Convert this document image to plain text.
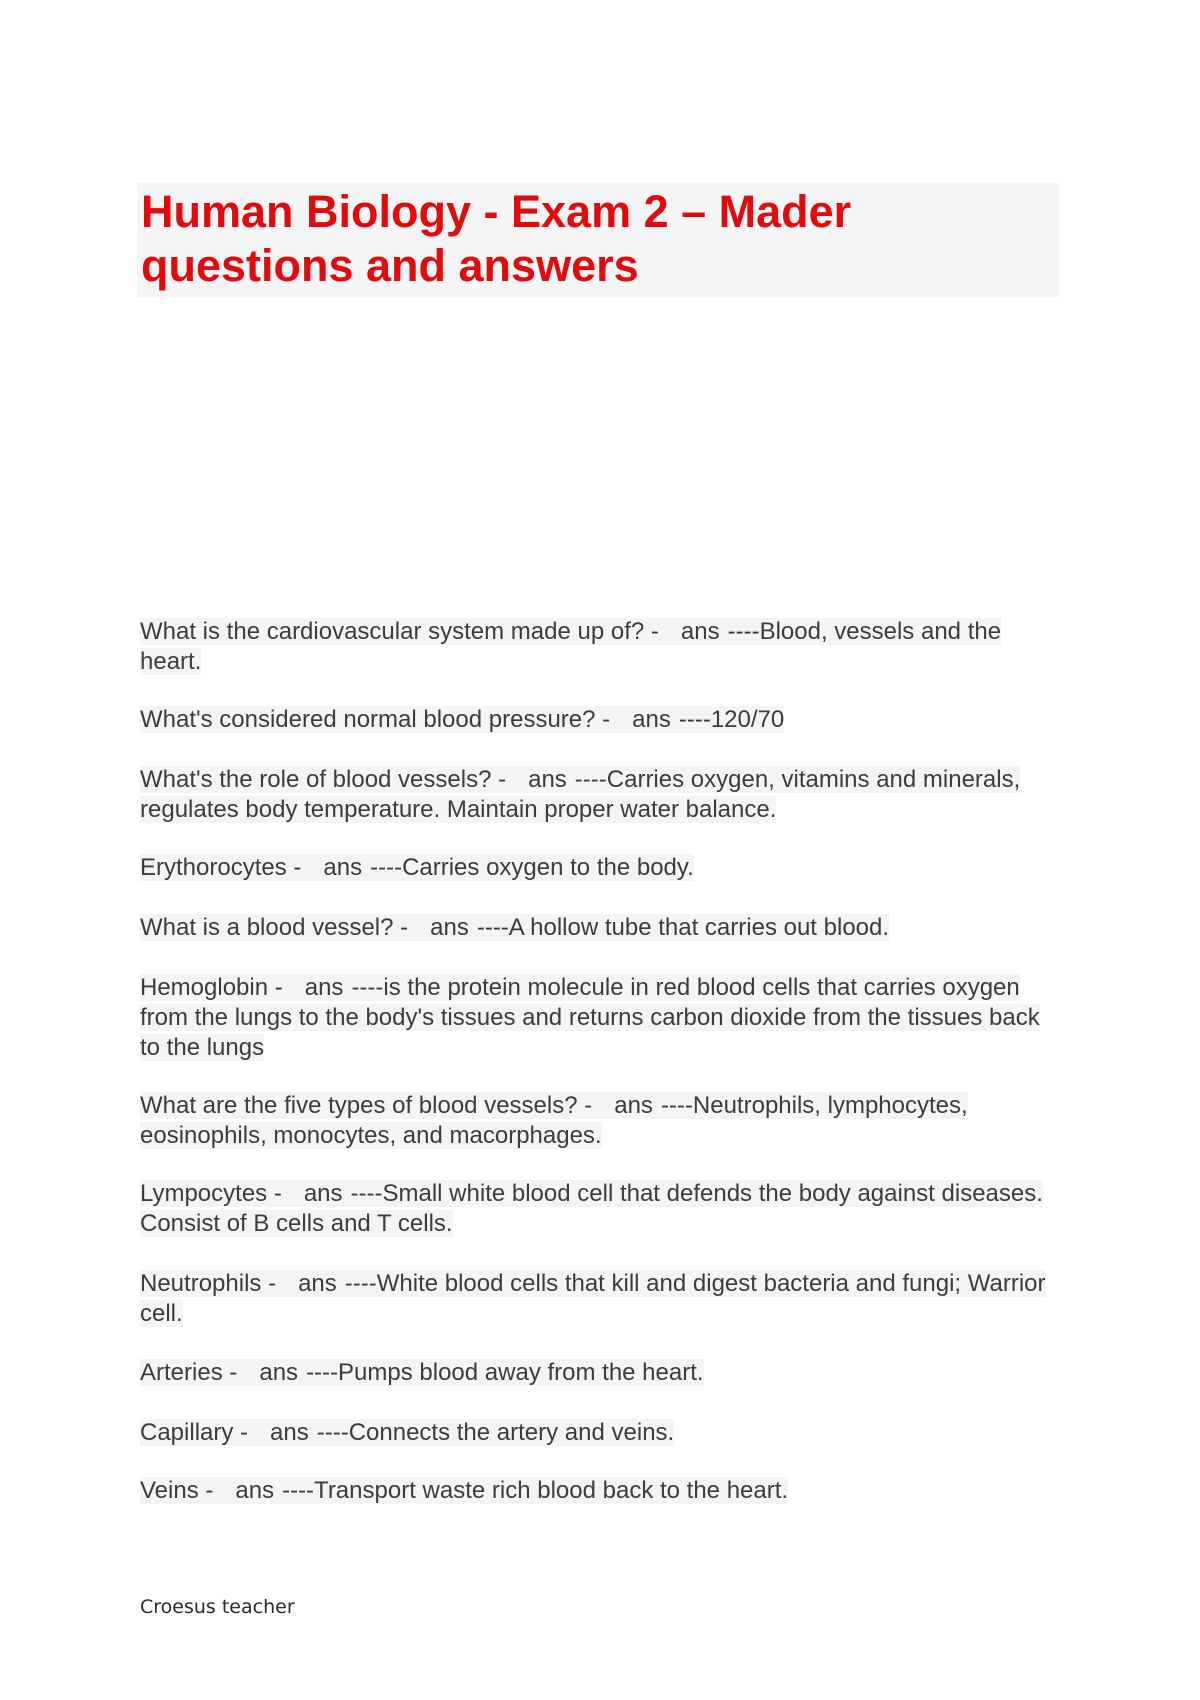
Human Biology - Exam 2 – Mader questions and answers

What is the cardiovascular system made up of? - ans ----Blood, vessels and the heart.

What's considered normal blood pressure? - ans ----120/70

What's the role of blood vessels? - ans ----Carries oxygen, vitamins and minerals, regulates body temperature. Maintain proper water balance.

Erythorocytes - ans ----Carries oxygen to the body.

What is a blood vessel? - ans ----A hollow tube that carries out blood.

Hemoglobin - ans ----is the protein molecule in red blood cells that carries oxygen from the lungs to the body's tissues and returns carbon dioxide from the tissues back to the lungs

What are the five types of blood vessels? - ans ----Neutrophils, lymphocytes, eosinophils, monocytes, and macorphages.

Lympocytes - ans ----Small white blood cell that defends the body against diseases. Consist of B cells and T cells.

Neutrophils - ans ----White blood cells that kill and digest bacteria and fungi; Warrior cell.

Arteries - ans ----Pumps blood away from the heart.

Capillary - ans ----Connects the artery and veins.

Veins - ans ----Transport waste rich blood back to the heart.

Croesus teacher
